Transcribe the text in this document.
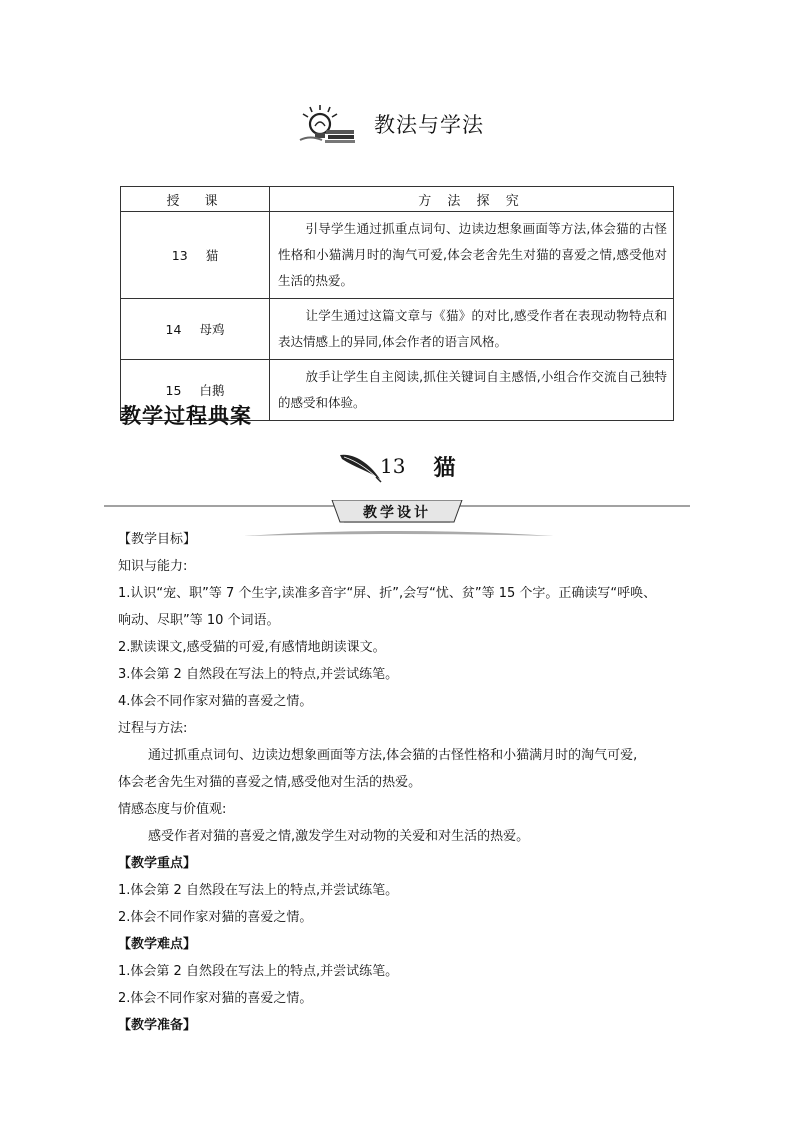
教法与学法
授　课	方 法 探 究
13 猫	引导学生通过抓重点词句、边读边想象画面等方法,体会猫的古怪性格和小猫满月时的淘气可爱,体会老舍先生对猫的喜爱之情,感受他对生活的热爱。
14 母鸡	让学生通过这篇文章与《猫》的对比,感受作者在表现动物特点和表达情感上的异同,体会作者的语言风格。
15 白鹅	放手让学生自主阅读,抓住关键词自主感悟,小组合作交流自己独特的感受和体验。
教学过程典案
13 猫
教学设计
【教学目标】
知识与能力:
1.认识“宠、职”等 7 个生字,读准多音字“屏、折”,会写“忧、贫”等 15 个字。正确读写“呼唤、
响动、尽职”等 10 个词语。
2.默读课文,感受猫的可爱,有感情地朗读课文。
3.体会第 2 自然段在写法上的特点,并尝试练笔。
4.体会不同作家对猫的喜爱之情。
过程与方法:
通过抓重点词句、边读边想象画面等方法,体会猫的古怪性格和小猫满月时的淘气可爱,
体会老舍先生对猫的喜爱之情,感受他对生活的热爱。
情感态度与价值观:
感受作者对猫的喜爱之情,激发学生对动物的关爱和对生活的热爱。
【教学重点】
1.体会第 2 自然段在写法上的特点,并尝试练笔。
2.体会不同作家对猫的喜爱之情。
【教学难点】
1.体会第 2 自然段在写法上的特点,并尝试练笔。
2.体会不同作家对猫的喜爱之情。
【教学准备】
